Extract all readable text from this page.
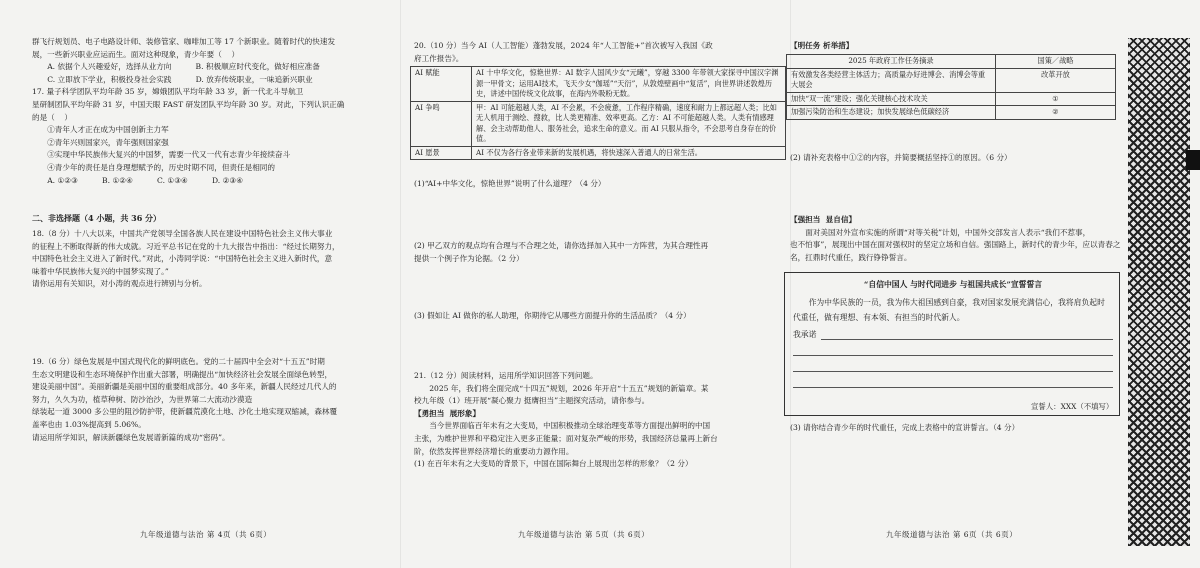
群飞行规划员、电子电路设计师、装修管家、咖啡加工等 17 个新职业。随着时代的快速发

展，一些新兴职业应运而生。面对这种现象，青少年要（    ）

A. 依据个人兴趣爱好，选择从业方向          B. 积极顺应时代变化，做好相应准备

C. 立即放下学业，积极投身社会实践          D. 放弃传统职业，一味追新兴职业

17. 量子科学团队平均年龄 35 岁，嫦娥团队平均年龄 33 岁，新一代北斗导航卫

星研制团队平均年龄 31 岁，中国天眼 FAST 研发团队平均年龄 30 岁。对此，下列认识正确

的是（    ）

①青年人才正在成为中国创新主力军

②青年兴则国家兴，青年强则国家强

③实现中华民族伟大复兴的中国梦，需要一代又一代有志青少年接续奋斗

④青少年的责任是自身理想赋予的，历史时期不同，但责任是相同的

A. ①②③          B. ①②④          C. ①③④          D. ②③④

二、非选择题（4 小题，共 36 分）

18.（8 分）十八大以来，中国共产党领导全国各族人民在建设中国特色社会主义伟大事业

的征程上不断取得新的伟大成就。习近平总书记在党的十九大报告中指出：“经过长期努力，

中国特色社会主义进入了新时代。”对此，小涛同学说：“中国特色社会主义进入新时代，意

味着中华民族伟大复兴的中国梦实现了。”

请你运用有关知识，对小涛的观点进行辨别与分析。

19.（6 分）绿色发展是中国式现代化的鲜明底色。党的二十届四中全会对“十五五”时期

生态文明建设和生态环境保护作出重大部署，明确提出“加快经济社会发展全面绿色转型，

建设美丽中国”。美丽新疆是美丽中国的重要组成部分。40 多年来，新疆人民经过几代人的

努力，久久为功，植草种树、防沙治沙，为世界第二大流动沙漠造

绿装起一道 3000 多公里的阻沙防护带，使新疆荒漠化土地、沙化土地实现双缩减，森林覆

盖率也由 1.03%提高到 5.06%。

请运用所学知识，解读新疆绿色发展谱新篇的成功“密码”。

九年级道德与法治 第 4页（共 6页）

20.（10 分）当今 AI（人工智能）蓬勃发展，2024 年“人工智能+”首次被写入我国《政

府工作报告》。

AI 赋能	AI 十中华文化，惊艳世界：AI 数字人国风少女“元曦”，穿越 3300 年带领大家探寻中国汉字渊源一甲骨文；运用AI技术，飞天少女“伽瑶”“天衍”，从敦煌壁画中“复活”，向世界讲述敦煌历史，讲述中国传统文化故事，在海内外吸粉无数。
AI 争鸣	甲：AI 可能超越人类，AI 不会累，不会疲惫，工作程序精确，速度和耐力上都远超人类；比如无人机用于测绘、搜救，比人类更精准、效率更高。乙方：AI 不可能超越人类。人类有情感理解、会主动帮助他人、服务社会，追求生命的意义。而 AI 只服从指令，不会思考自身存在的价值。
AI 愿景	AI 不仅为各行各业带来新的发展机遇，将快速深入普通人的日常生活。
(1)“AI+中华文化，惊艳世界”说明了什么道理？（4 分）

(2) 甲乙双方的观点均有合理与不合理之处，请你选择加入其中一方阵营，为其合理性再

提供一个例子作为论据。（2 分）

(3) 假如让 AI 做你的私人助理，你期待它从哪些方面提升你的生活品质？（4 分）

21.（12 分）阅读材料，运用所学知识回答下列问题。

2025 年，我们将全面完成“十四五”规划，2026 年开启“十五五”规划的新篇章。某

校九年级（1）班开展“凝心聚力 挺膺担当”主题探究活动，请你参与。

【勇担当  展形象】

当今世界面临百年未有之大变局，中国积极推动全球治理变革等方面提出鲜明的中国

主张，为维护世界和平稳定注入更多正能量；面对复杂严峻的形势，我国经济总量再上新台

阶，依然发挥世界经济增长的重要动力源作用。

(1) 在百年未有之大变局的背景下，中国在国际舞台上展现出怎样的形象？（2 分）

九年级道德与法治 第 5页（共 6页）
【明任务 析举措】
2025 年政府工作任务摘录	国策／战略
有效激发各类经营主体活力；高质量办好进博会、消博会等重大展会	改革开放
加快“双一流”建设；强化关键核心技术攻关	①
加强污染防治和生态建设；加快发展绿色低碳经济	②
(2) 请补充表格中①②的内容，并简要概括坚持①的原因。（6 分）

【强担当  显自信】

面对美国对外宣布实施的所谓“对等关税”计划，中国外交部发言人表示“我们不惹事，

也不怕事”，展现出中国在面对强权时的坚定立场和自信。强国路上，新时代的青少年，应以青春之

名，扛鼎时代重任，践行铮铮誓言。

“自信中国人 与时代同进步 与祖国共成长”宣誓誓言

作为中华民族的一员，我为伟大祖国感到自豪，我对国家发展充满信心，我将肩负起时

代重任，做有理想、有本领、有担当的时代新人。

我承诺
宣誓人：XXX（不填写）
(3) 请你结合青少年的时代重任，完成上表格中的宣讲誓言。（4 分）
九年级道德与法治 第 6页（共 6页）
